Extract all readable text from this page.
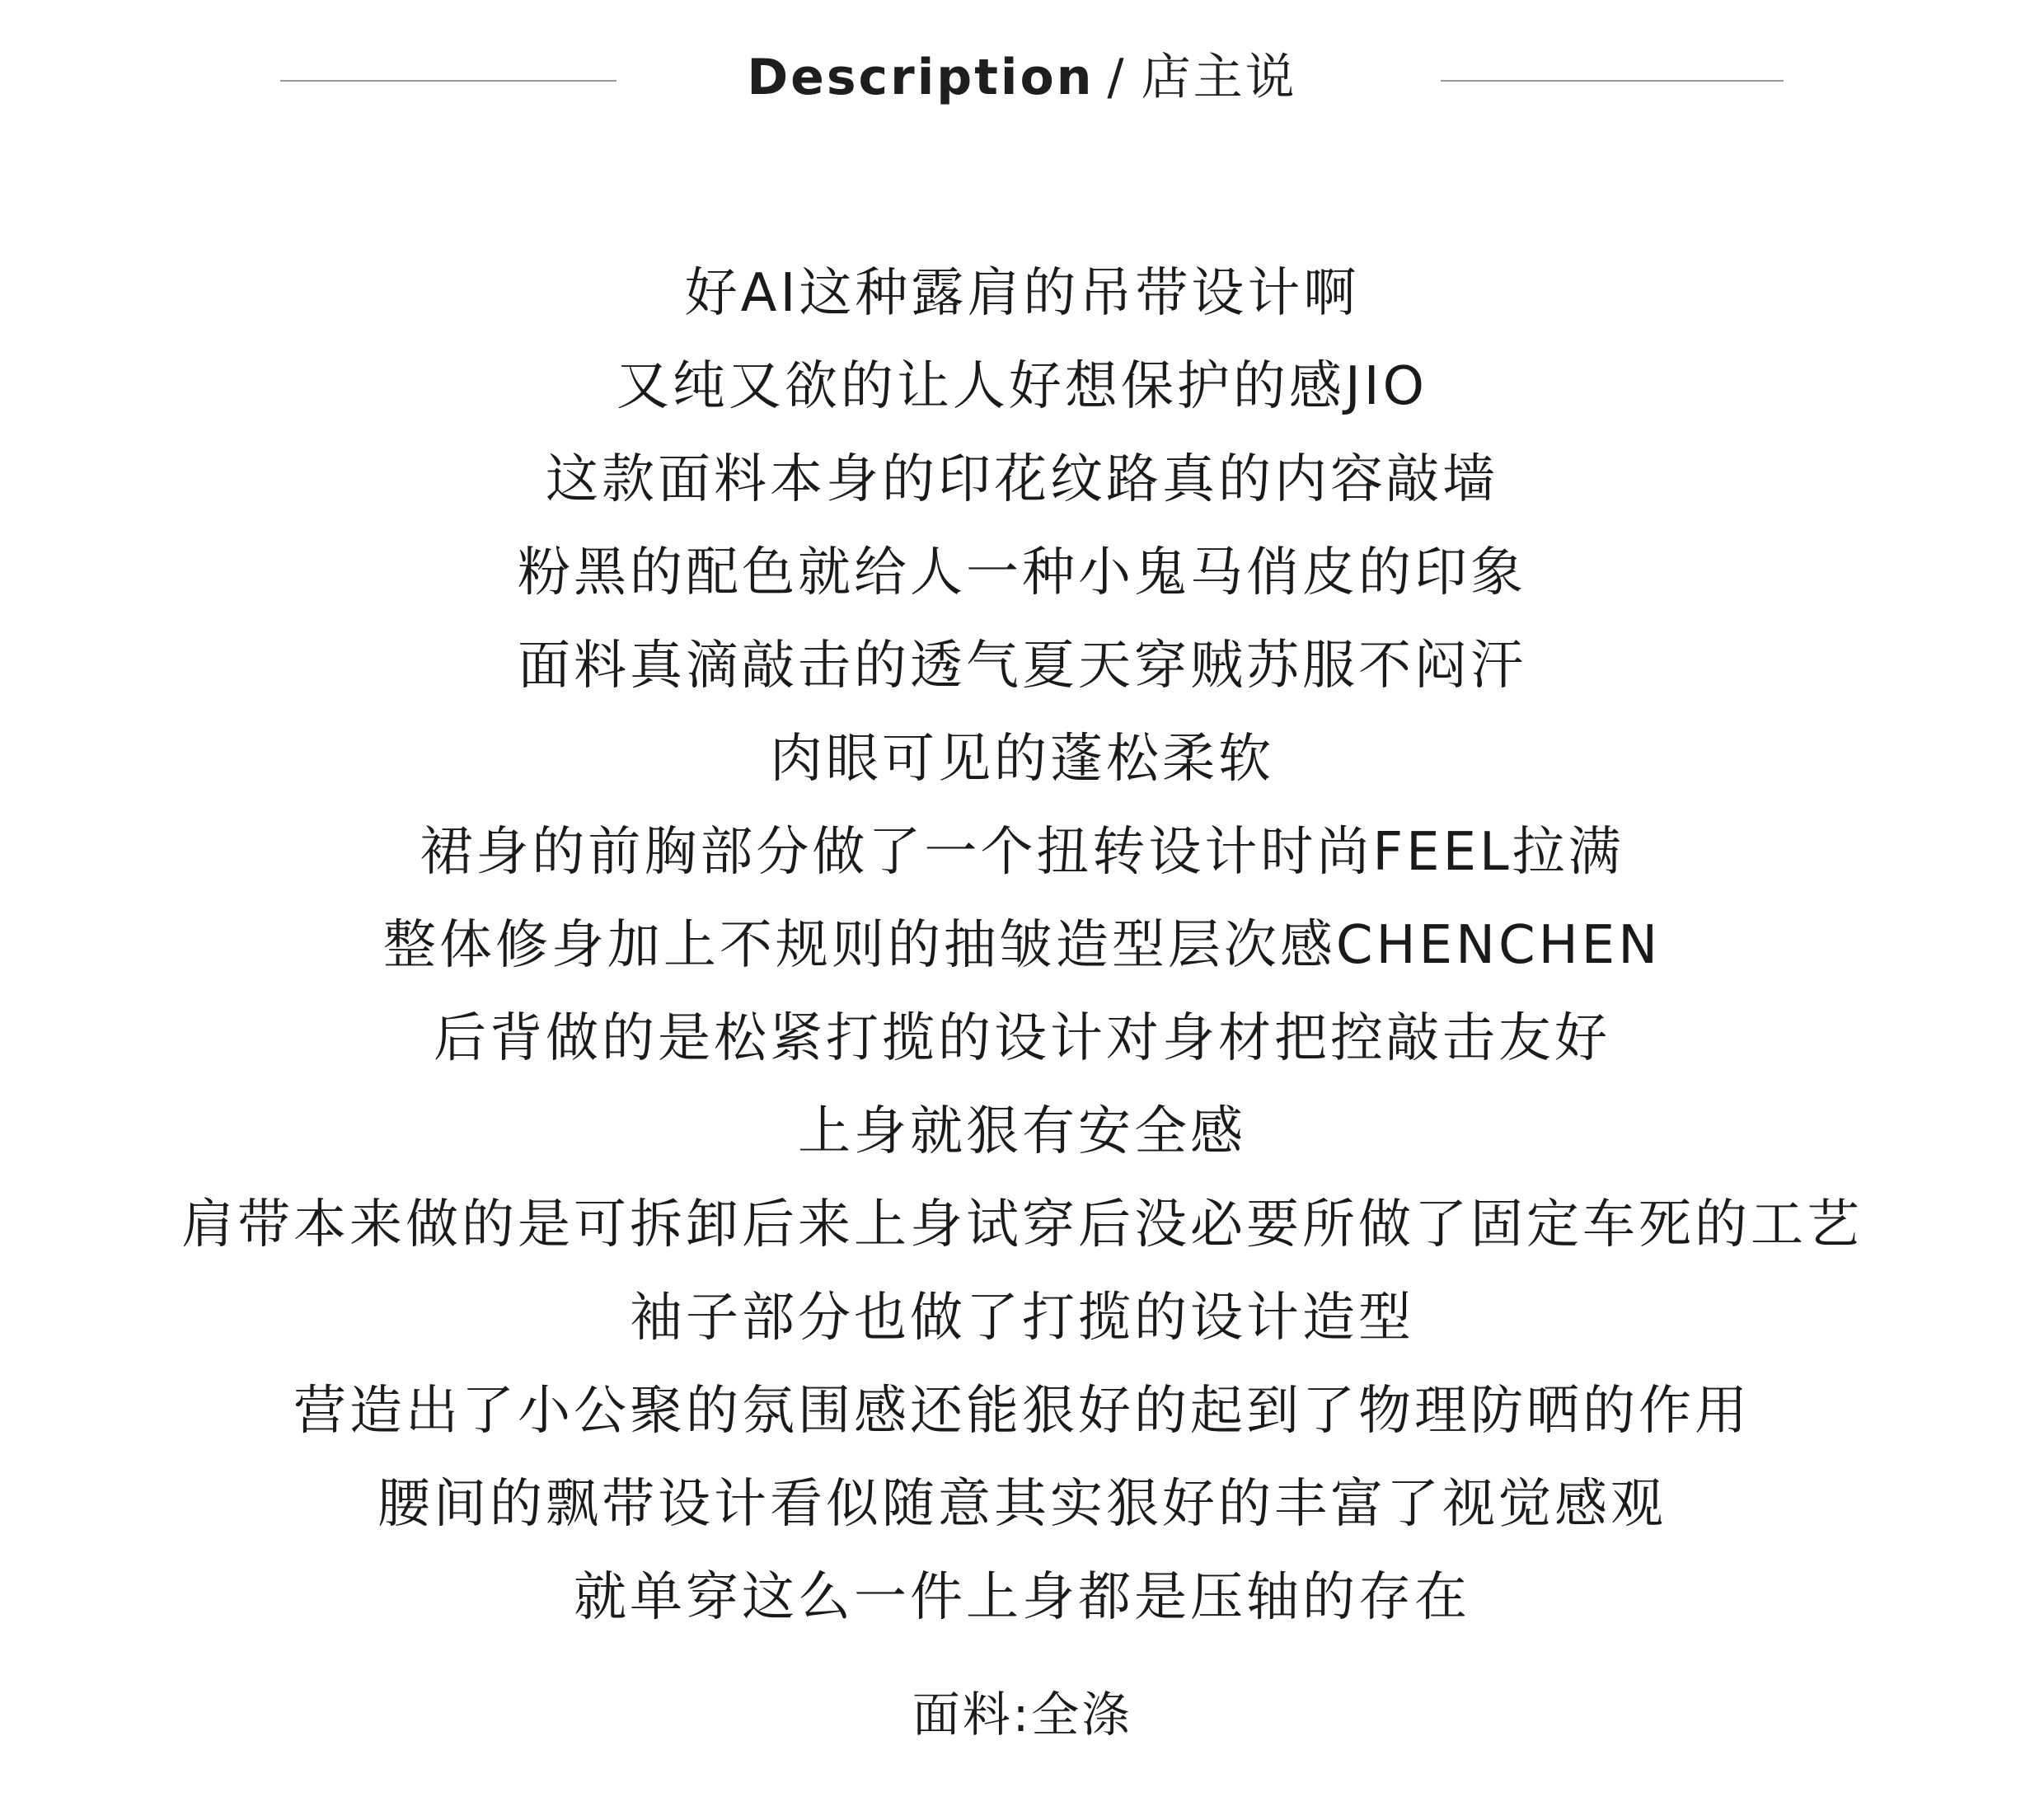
Description / 店主说
好AI这种露肩的吊带设计啊
又纯又欲的让人好想保护的感JIO
这款面料本身的印花纹路真的内容敲墙
粉黑的配色就给人一种小鬼马俏皮的印象
面料真滴敲击的透气夏天穿贼苏服不闷汗
肉眼可见的蓬松柔软
裙身的前胸部分做了一个扭转设计时尚FEEL拉满
整体修身加上不规则的抽皱造型层次感CHENCHEN
后背做的是松紧打揽的设计对身材把控敲击友好
上身就狠有安全感
肩带本来做的是可拆卸后来上身试穿后没必要所做了固定车死的工艺
袖子部分也做了打揽的设计造型
营造出了小公聚的氛围感还能狠好的起到了物理防晒的作用
腰间的飘带设计看似随意其实狠好的丰富了视觉感观
就单穿这么一件上身都是压轴的存在
面料:全涤
